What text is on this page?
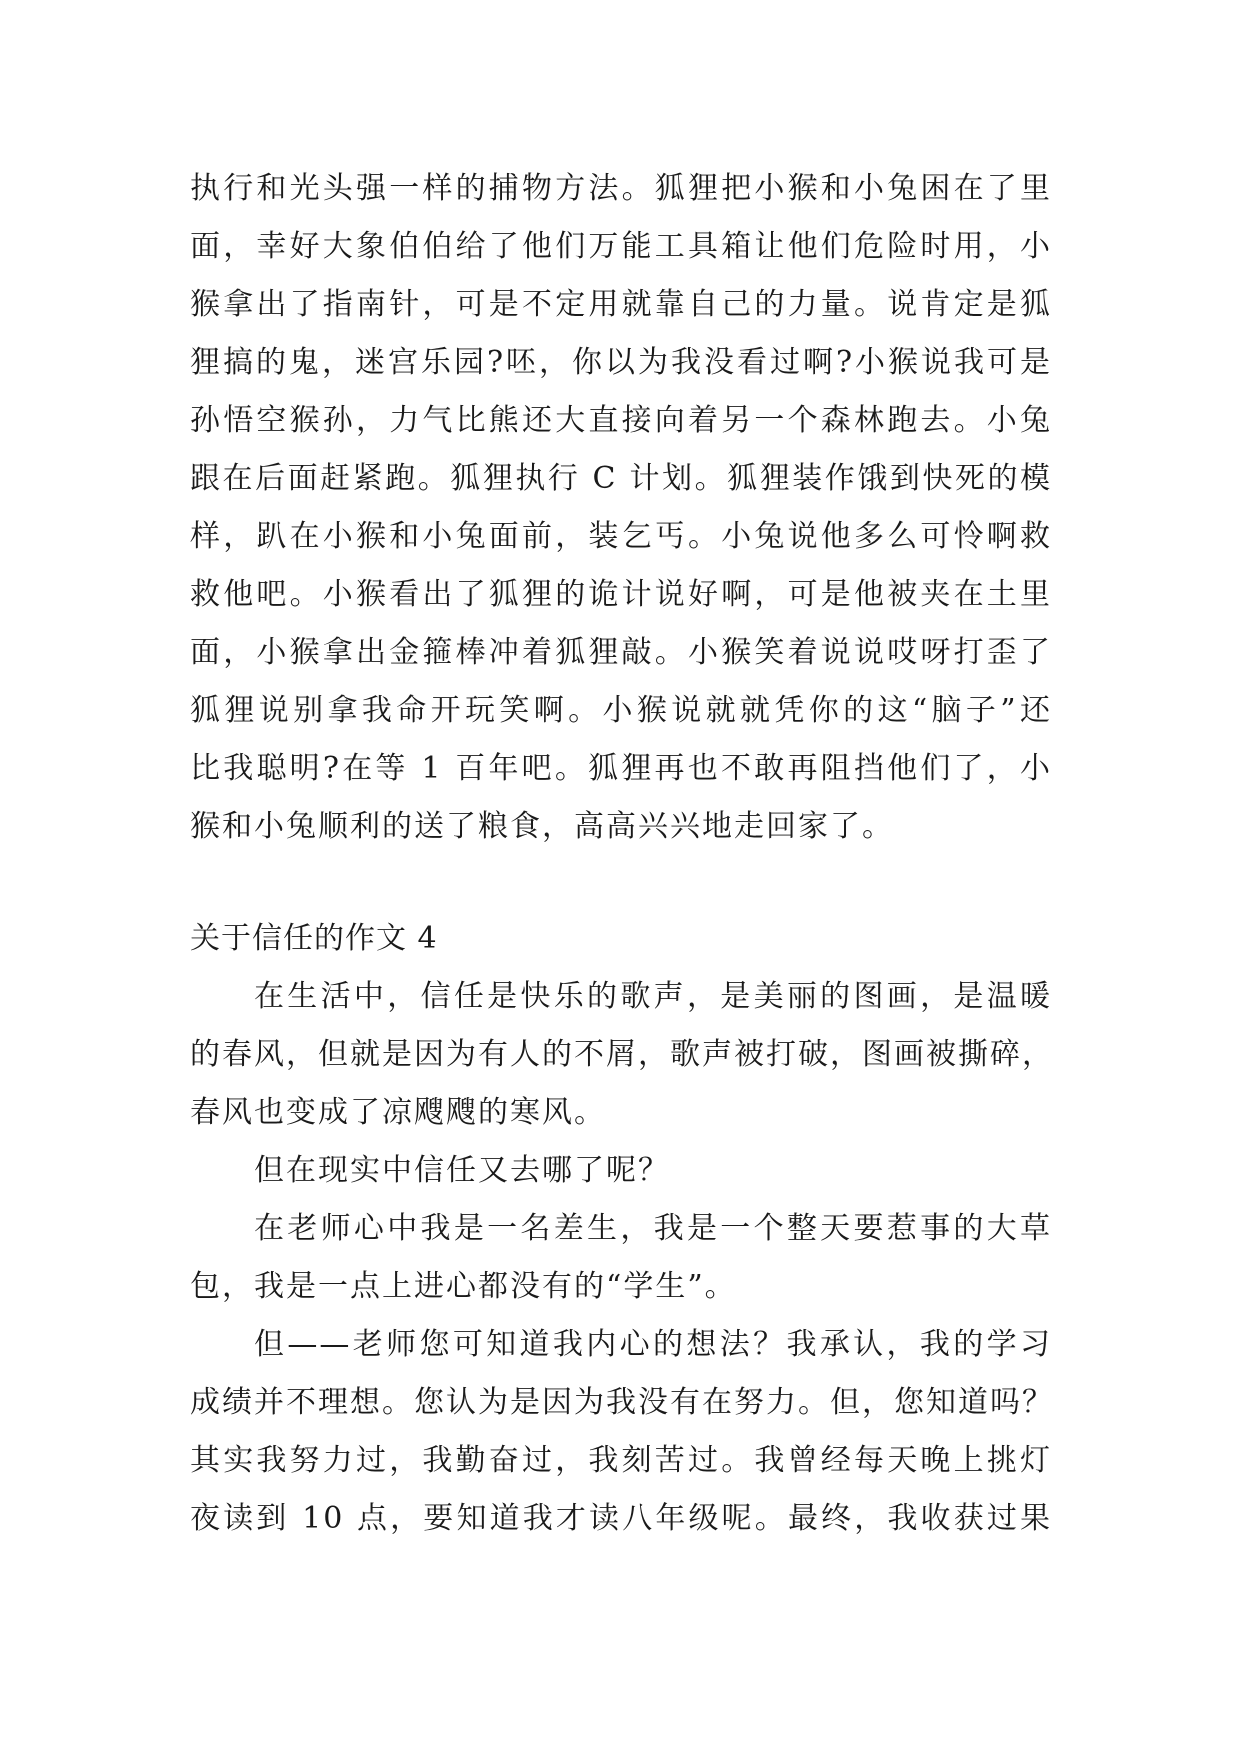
执行和光头强一样的捕物方法。狐狸把小猴和小兔困在了里
面，幸好大象伯伯给了他们万能工具箱让他们危险时用，小
猴拿出了指南针，可是不定用就靠自己的力量。说肯定是狐
狸搞的鬼，迷宫乐园?呸，你以为我没看过啊?小猴说我可是
孙悟空猴孙，力气比熊还大直接向着另一个森林跑去。小兔
跟在后面赶紧跑。狐狸执行 C 计划。狐狸装作饿到快死的模
样，趴在小猴和小兔面前，装乞丐。小兔说他多么可怜啊救
救他吧。小猴看出了狐狸的诡计说好啊，可是他被夹在土里
面，小猴拿出金箍棒冲着狐狸敲。小猴笑着说说哎呀打歪了
狐狸说别拿我命开玩笑啊。小猴说就就凭你的这“脑子”还
比我聪明?在等 1 百年吧。狐狸再也不敢再阻挡他们了，小
猴和小兔顺利的送了粮食，高高兴兴地走回家了。
关于信任的作文 4
在生活中，信任是快乐的歌声，是美丽的图画，是温暖
的春风，但就是因为有人的不屑，歌声被打破，图画被撕碎，
春风也变成了凉飕飕的寒风。
但在现实中信任又去哪了呢？
在老师心中我是一名差生，我是一个整天要惹事的大草
包，我是一点上进心都没有的“学生”。
但——老师您可知道我内心的想法？我承认，我的学习
成绩并不理想。您认为是因为我没有在努力。但，您知道吗？
其实我努力过，我勤奋过，我刻苦过。我曾经每天晚上挑灯
夜读到 10 点，要知道我才读八年级呢。最终，我收获过果
